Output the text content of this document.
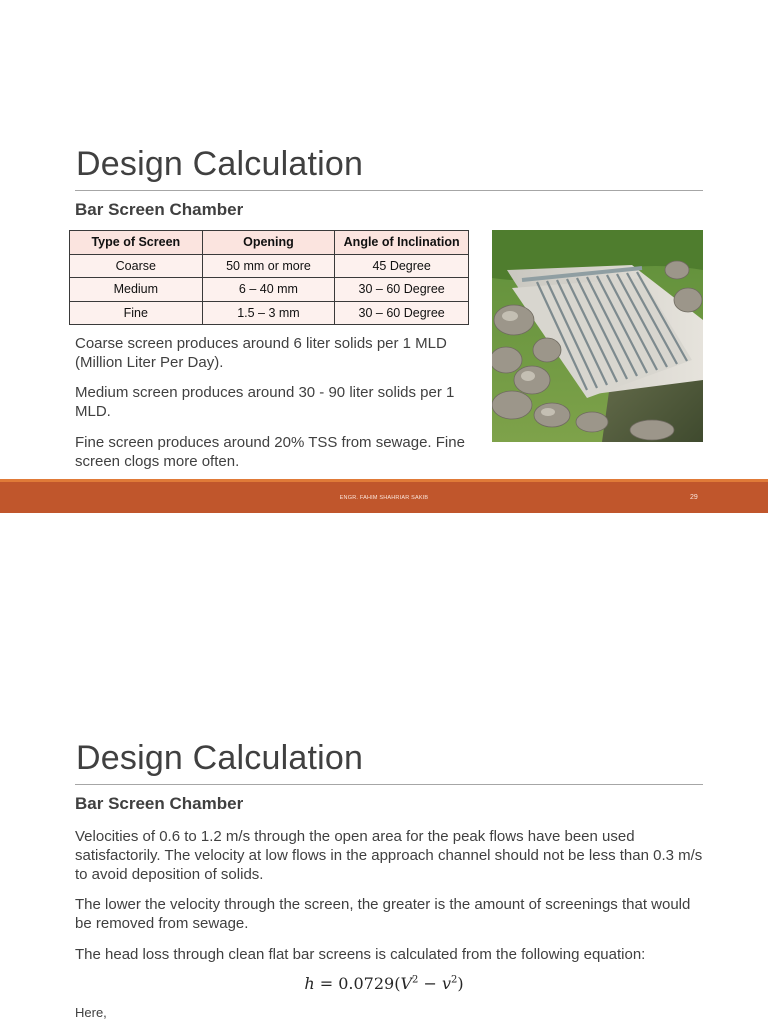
Design Calculation
Bar Screen Chamber
Type of Screen	Opening	Angle of Inclination
Coarse	50 mm or more	45 Degree
Medium	6 – 40 mm	30 – 60 Degree
Fine	1.5 – 3 mm	30 – 60 Degree

Coarse screen produces around 6 liter solids per 1 MLD (Million Liter Per Day).

Medium screen produces around 30 - 90 liter solids per 1 MLD.

Fine screen produces around 20% TSS from sewage. Fine screen clogs more often.

ENGR. FAHIM SHAHRIAR SAKIB	29
Design Calculation
Bar Screen Chamber

Velocities of 0.6 to 1.2 m/s through the open area for the peak flows have been used satisfactorily. The velocity at low flows in the approach channel should not be less than 0.3 m/s to avoid deposition of solids.

The lower the velocity through the screen, the greater is the amount of screenings that would be removed from sewage.

The head loss through clean flat bar screens is calculated from the following equation:

$h = 0.0729(V^2 - v^2)$

Here,
